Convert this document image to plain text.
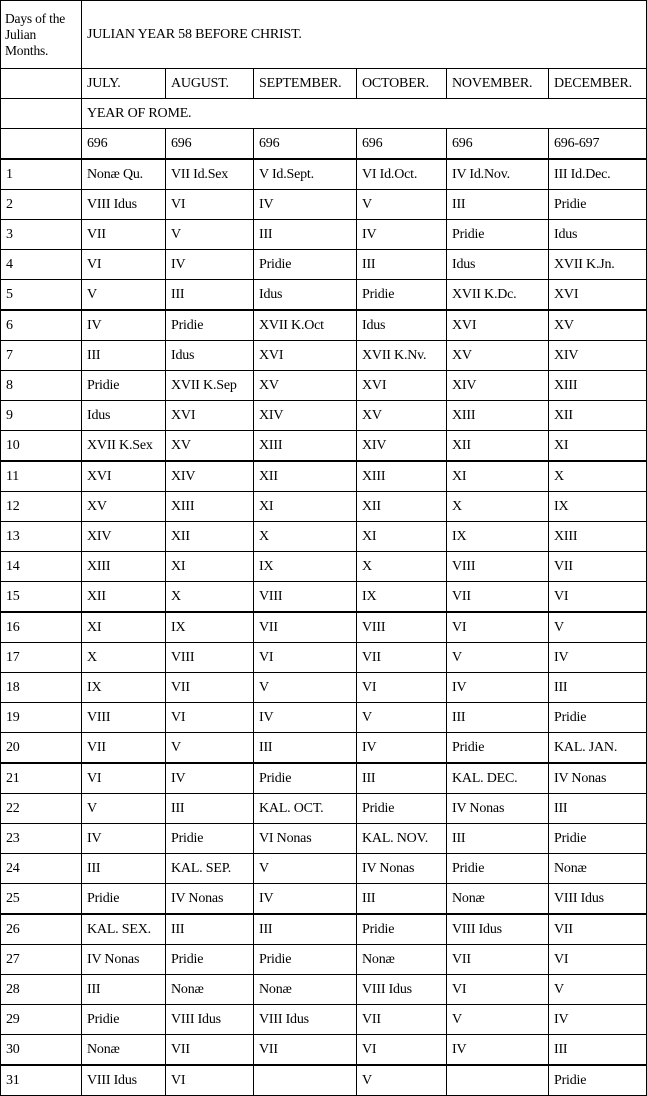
Days of the Julian Months.	JULIAN YEAR 58 BEFORE CHRIST.					
	JULY.	AUGUST.	SEPTEMBER.	OCTOBER.	NOVEMBER.	DECEMBER.
	YEAR OF ROME.					
	696	696	696	696	696	696-697
1	Nonæ Qu.	VII Id.Sex	V Id.Sept.	VI Id.Oct.	IV Id.Nov.	III Id.Dec.
2	VIII Idus	VI	IV	V	III	Pridie
3	VII	V	III	IV	Pridie	Idus
4	VI	IV	Pridie	III	Idus	XVII K.Jn.
5	V	III	Idus	Pridie	XVII K.Dc.	XVI
6	IV	Pridie	XVII K.Oct	Idus	XVI	XV
7	III	Idus	XVI	XVII K.Nv.	XV	XIV
8	Pridie	XVII K.Sep	XV	XVI	XIV	XIII
9	Idus	XVI	XIV	XV	XIII	XII
10	XVII K.Sex	XV	XIII	XIV	XII	XI
11	XVI	XIV	XII	XIII	XI	X
12	XV	XIII	XI	XII	X	IX
13	XIV	XII	X	XI	IX	XIII
14	XIII	XI	IX	X	VIII	VII
15	XII	X	VIII	IX	VII	VI
16	XI	IX	VII	VIII	VI	V
17	X	VIII	VI	VII	V	IV
18	IX	VII	V	VI	IV	III
19	VIII	VI	IV	V	III	Pridie
20	VII	V	III	IV	Pridie	KAL. JAN.
21	VI	IV	Pridie	III	KAL. DEC.	IV Nonas
22	V	III	KAL. OCT.	Pridie	IV Nonas	III
23	IV	Pridie	VI Nonas	KAL. NOV.	III	Pridie
24	III	KAL. SEP.	V	IV Nonas	Pridie	Nonæ
25	Pridie	IV Nonas	IV	III	Nonæ	VIII Idus
26	KAL. SEX.	III	III	Pridie	VIII Idus	VII
27	IV Nonas	Pridie	Pridie	Nonæ	VII	VI
28	III	Nonæ	Nonæ	VIII Idus	VI	V
29	Pridie	VIII Idus	VIII Idus	VII	V	IV
30	Nonæ	VII	VII	VI	IV	III
31	VIII Idus	VI		V		Pridie
